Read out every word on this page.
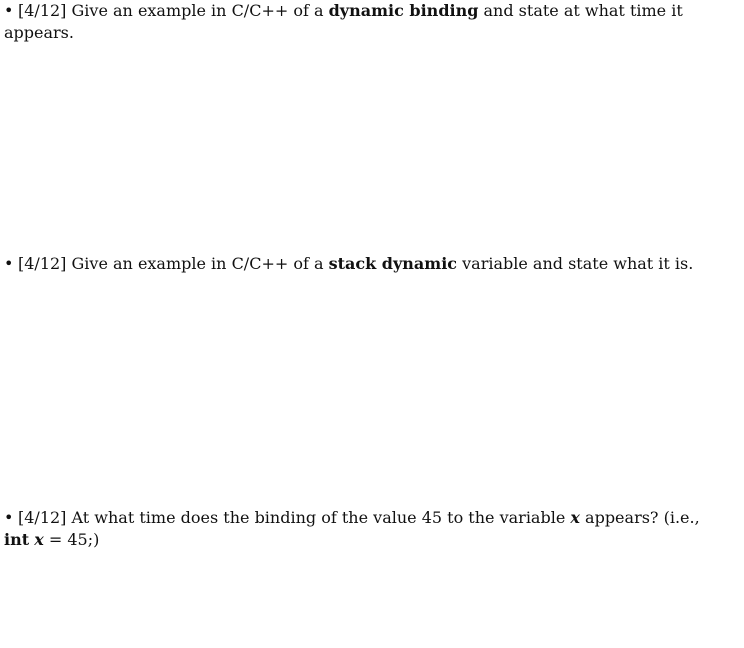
• [4/12] Give an example in C/C++ of a dynamic binding and state at what time it appears.
• [4/12] Give an example in C/C++ of a stack dynamic variable and state what it is.
• [4/12] At what time does the binding of the value 45 to the variable x appears? (i.e., int x = 45;)
